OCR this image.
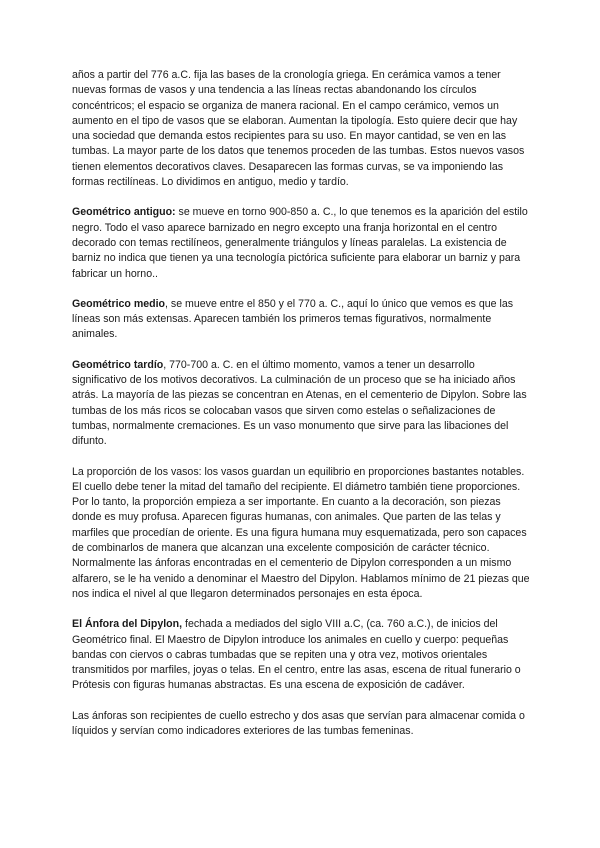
años a partir del 776 a.C. fija las bases de la cronología griega. En cerámica vamos a tener nuevas formas de vasos y una tendencia a las líneas rectas abandonando los círculos concéntricos; el espacio se organiza de manera racional. En el campo cerámico, vemos un aumento en el tipo de vasos que se elaboran. Aumentan la tipología. Esto quiere decir que hay una sociedad que demanda estos recipientes para su uso. En mayor cantidad, se ven en las tumbas. La mayor parte de los datos que tenemos proceden de las tumbas. Estos nuevos vasos tienen elementos decorativos claves. Desaparecen las formas curvas, se va imponiendo las formas rectilíneas. Lo dividimos en antiguo, medio y tardío.

Geométrico antiguo: se mueve en torno 900-850 a. C., lo que tenemos es la aparición del estilo negro. Todo el vaso aparece barnizado en negro excepto una franja horizontal en el centro decorado con temas rectilíneos, generalmente triángulos y líneas paralelas. La existencia de barniz no indica que tienen ya una tecnología pictórica suficiente para elaborar un barniz y para fabricar un horno..

Geométrico medio, se mueve entre el 850 y el 770 a. C., aquí lo único que vemos es que las líneas son más extensas. Aparecen también los primeros temas figurativos, normalmente animales.

Geométrico tardío, 770-700 a. C. en el último momento, vamos a tener un desarrollo significativo de los motivos decorativos. La culminación de un proceso que se ha iniciado años atrás. La mayoría de las piezas se concentran en Atenas, en el cementerio de Dipylon. Sobre las tumbas de los más ricos se colocaban vasos que sirven como estelas o señalizaciones de tumbas, normalmente cremaciones. Es un vaso monumento que sirve para las libaciones del difunto.

La proporción de los vasos: los vasos guardan un equilibrio en proporciones bastantes notables. El cuello debe tener la mitad del tamaño del recipiente. El diámetro también tiene proporciones. Por lo tanto, la proporción empieza a ser importante. En cuanto a la decoración, son piezas donde es muy profusa. Aparecen figuras humanas, con animales. Que parten de las telas y marfiles que procedían de oriente. Es una figura humana muy esquematizada, pero son capaces de combinarlos de manera que alcanzan una excelente composición de carácter técnico. Normalmente las ánforas encontradas en el cementerio de Dipylon corresponden a un mismo alfarero, se le ha venido a denominar el Maestro del Dipylon. Hablamos mínimo de 21 piezas que nos indica el nivel al que llegaron determinados personajes en esta época.

El Ánfora del Dipylon, fechada a mediados del siglo VIII a.C, (ca. 760 a.C.), de inicios del Geométrico final. El Maestro de Dipylon introduce los animales en cuello y cuerpo: pequeñas bandas con ciervos o cabras tumbadas que se repiten una y otra vez, motivos orientales transmitidos por marfiles, joyas o telas. En el centro, entre las asas, escena de ritual funerario o Prótesis con figuras humanas abstractas. Es una escena de exposición de cadáver.

Las ánforas son recipientes de cuello estrecho y dos asas que servían para almacenar comida o líquidos y servían como indicadores exteriores de las tumbas femeninas.
